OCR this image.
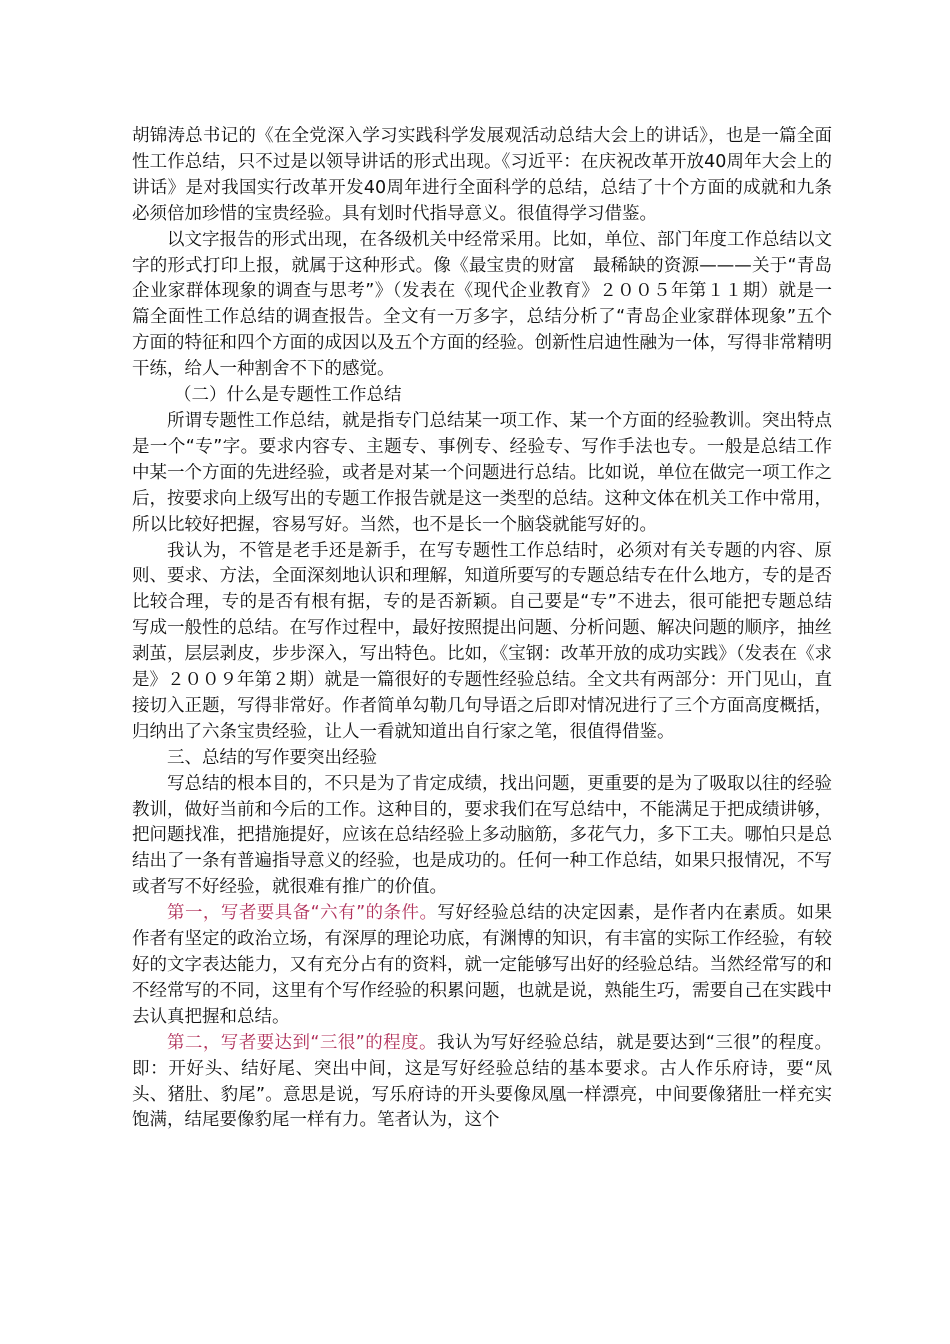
胡锦涛总书记的《在全党深入学习实践科学发展观活动总结大会上的讲话》，也是一篇全面性工作总结，只不过是以领导讲话的形式出现。《习近平：在庆祝改革开放40周年大会上的讲话》是对我国实行改革开发40周年进行全面科学的总结，总结了十个方面的成就和九条必须倍加珍惜的宝贵经验。具有划时代指导意义。很值得学习借鉴。

以文字报告的形式出现，在各级机关中经常采用。比如，单位、部门年度工作总结以文字的形式打印上报，就属于这种形式。像《最宝贵的财富　最稀缺的资源———关于“青岛企业家群体现象的调查与思考”》（发表在《现代企业教育》２００５年第１１期）就是一篇全面性工作总结的调查报告。全文有一万多字，总结分析了“青岛企业家群体现象”五个方面的特征和四个方面的成因以及五个方面的经验。创新性启迪性融为一体，写得非常精明干练，给人一种割舍不下的感觉。

（二）什么是专题性工作总结

所谓专题性工作总结，就是指专门总结某一项工作、某一个方面的经验教训。突出特点是一个“专”字。要求内容专、主题专、事例专、经验专、写作手法也专。一般是总结工作中某一个方面的先进经验，或者是对某一个问题进行总结。比如说，单位在做完一项工作之后，按要求向上级写出的专题工作报告就是这一类型的总结。这种文体在机关工作中常用，所以比较好把握，容易写好。当然，也不是长一个脑袋就能写好的。

我认为，不管是老手还是新手，在写专题性工作总结时，必须对有关专题的内容、原则、要求、方法，全面深刻地认识和理解，知道所要写的专题总结专在什么地方，专的是否比较合理，专的是否有根有据，专的是否新颖。自己要是“专”不进去，很可能把专题总结写成一般性的总结。在写作过程中，最好按照提出问题、分析问题、解决问题的顺序，抽丝剥茧，层层剥皮，步步深入，写出特色。比如，《宝钢：改革开放的成功实践》（发表在《求是》２００９年第２期）就是一篇很好的专题性经验总结。全文共有两部分：开门见山，直接切入正题，写得非常好。作者简单勾勒几句导语之后即对情况进行了三个方面高度概括，归纳出了六条宝贵经验，让人一看就知道出自行家之笔，很值得借鉴。

三、总结的写作要突出经验

写总结的根本目的，不只是为了肯定成绩，找出问题，更重要的是为了吸取以往的经验教训，做好当前和今后的工作。这种目的，要求我们在写总结中，不能满足于把成绩讲够，把问题找准，把措施提好，应该在总结经验上多动脑筋，多花气力，多下工夫。哪怕只是总结出了一条有普遍指导意义的经验，也是成功的。任何一种工作总结，如果只报情况，不写或者写不好经验，就很难有推广的价值。

第一，写者要具备“六有”的条件。写好经验总结的决定因素，是作者内在素质。如果作者有坚定的政治立场，有深厚的理论功底，有渊博的知识，有丰富的实际工作经验，有较好的文字表达能力，又有充分占有的资料，就一定能够写出好的经验总结。当然经常写的和不经常写的不同，这里有个写作经验的积累问题，也就是说，熟能生巧，需要自己在实践中去认真把握和总结。

第二，写者要达到“三很”的程度。我认为写好经验总结，就是要达到“三很”的程度。即：开好头、结好尾、突出中间，这是写好经验总结的基本要求。古人作乐府诗，要“凤头、猪肚、豹尾”。意思是说，写乐府诗的开头要像凤凰一样漂亮，中间要像猪肚一样充实饱满，结尾要像豹尾一样有力。笔者认为，这个
